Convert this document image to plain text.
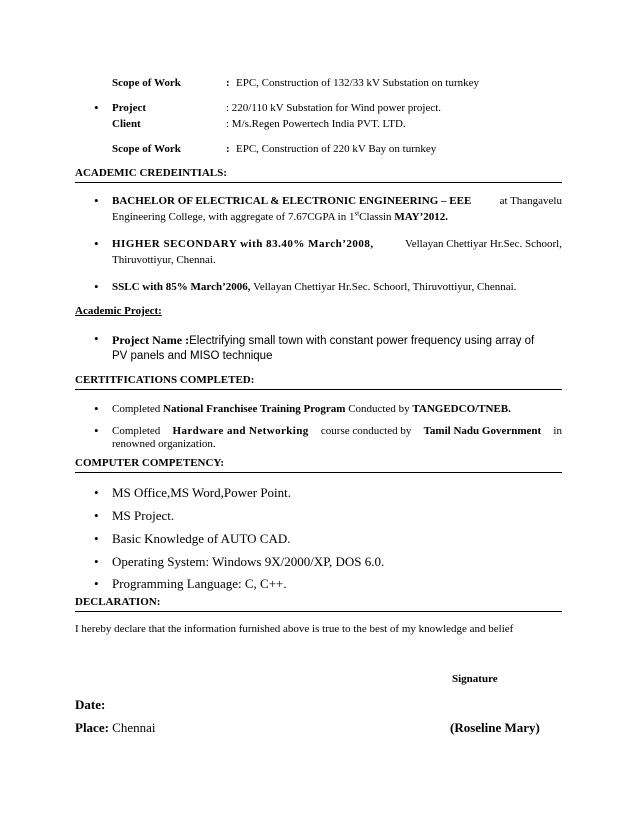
Scope of Work	: EPC, Construction of 132/33 kV Substation on turnkey
• Project	: 220/110 kV Substation for Wind power project.
Client	: M/s.Regen Powertech India PVT. LTD.
Scope of Work	: EPC, Construction of 220 kV Bay on turnkey
ACADEMIC CREDEINTIALS:
• BACHELOR OF ELECTRICAL & ELECTRONIC ENGINEERING – EEE	at Thangavelu
Engineering College, with aggregate of 7.67CGPA in 1stClassin MAY’2012.
• HIGHER SECONDARY with 83.40% March’2008,	Vellayan Chettiyar Hr.Sec. Schoorl,
Thiruvottiyur, Chennai.
• SSLC with 85% March’2006, Vellayan Chettiyar Hr.Sec. Schoorl, Thiruvottiyur, Chennai.
Academic Project:
• Project Name :Electrifying small town with constant power frequency using array of
PV panels and MISO technique
CERTITFICATIONS COMPLETED:
• Completed National Franchisee Training Program Conducted by TANGEDCO/TNEB.
• Completed Hardware and Networking course conducted by Tamil Nadu Government in
renowned organization.
COMPUTER COMPETENCY:
• MS Office,MS Word,Power Point.
• MS Project.
• Basic Knowledge of AUTO CAD.
• Operating System: Windows 9X/2000/XP, DOS 6.0.
• Programming Language: C, C++.
DECLARATION:
I hereby declare that the information furnished above is true to the best of my knowledge and belief
Signature
Date:
Place: Chennai	(Roseline Mary)
